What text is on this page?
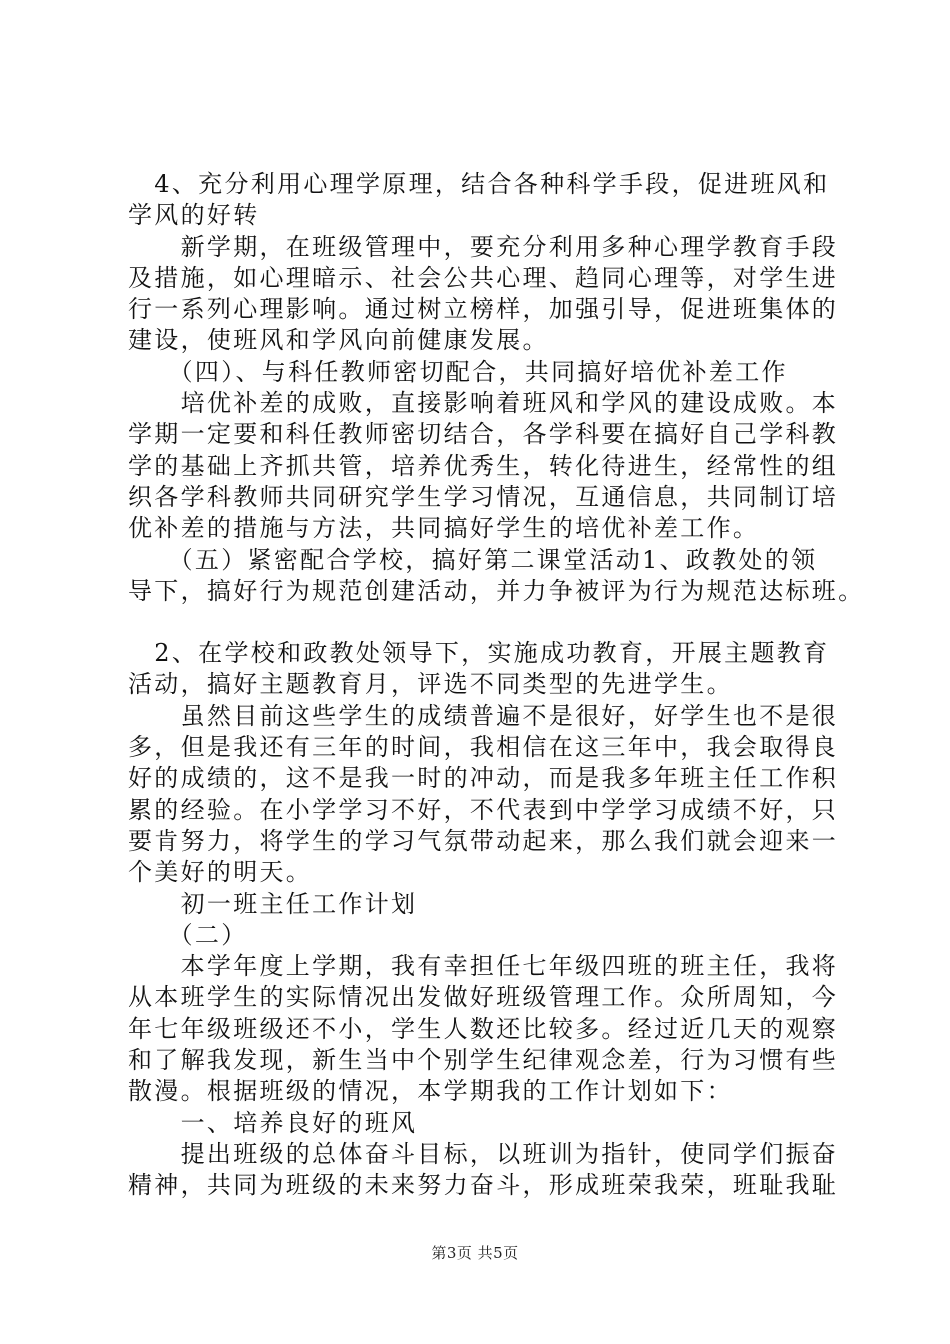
　4、充分利用心理学原理，结合各种科学手段，促进班风和
学风的好转
　　新学期，在班级管理中，要充分利用多种心理学教育手段
及措施，如心理暗示、社会公共心理、趋同心理等，对学生进
行一系列心理影响。通过树立榜样，加强引导，促进班集体的
建设，使班风和学风向前健康发展。
　　（四）、与科任教师密切配合，共同搞好培优补差工作
　　培优补差的成败，直接影响着班风和学风的建设成败。本
学期一定要和科任教师密切结合，各学科要在搞好自己学科教
学的基础上齐抓共管，培养优秀生，转化待进生，经常性的组
织各学科教师共同研究学生学习情况，互通信息，共同制订培
优补差的措施与方法，共同搞好学生的培优补差工作。
　　（五）紧密配合学校，搞好第二课堂活动1、政教处的领
导下，搞好行为规范创建活动，并力争被评为行为规范达标班。
　2、在学校和政教处领导下，实施成功教育，开展主题教育
活动，搞好主题教育月，评选不同类型的先进学生。
　　虽然目前这些学生的成绩普遍不是很好，好学生也不是很
多，但是我还有三年的时间，我相信在这三年中，我会取得良
好的成绩的，这不是我一时的冲动，而是我多年班主任工作积
累的经验。在小学学习不好，不代表到中学学习成绩不好，只
要肯努力，将学生的学习气氛带动起来，那么我们就会迎来一
个美好的明天。
　　初一班主任工作计划
　　（二）
　　本学年度上学期，我有幸担任七年级四班的班主任，我将
从本班学生的实际情况出发做好班级管理工作。众所周知，今
年七年级班级还不小，学生人数还比较多。经过近几天的观察
和了解我发现，新生当中个别学生纪律观念差，行为习惯有些
散漫。根据班级的情况，本学期我的工作计划如下：
　　一、培养良好的班风
　　提出班级的总体奋斗目标，以班训为指针，使同学们振奋
精神，共同为班级的未来努力奋斗，形成班荣我荣，班耻我耻
第3页 共5页
